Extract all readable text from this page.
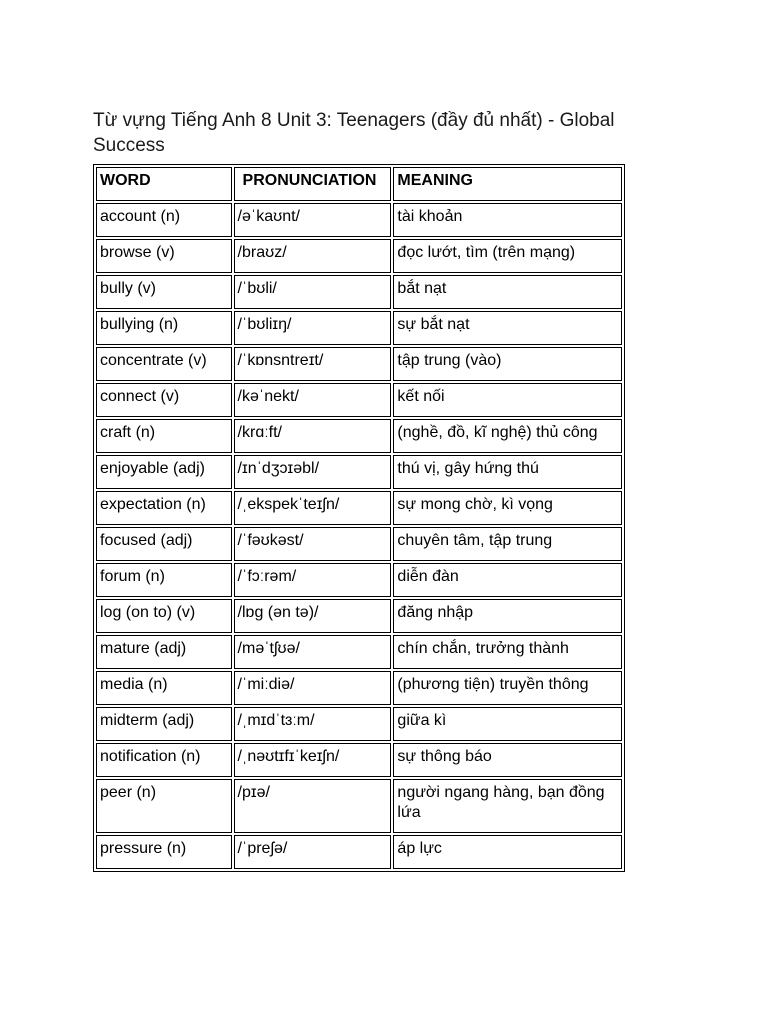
Từ vựng Tiếng Anh 8 Unit 3: Teenagers (đầy đủ nhất) - Global Success
WORD	PRONUNCIATION	MEANING
account (n)	/əˈkaʊnt/	tài khoản
browse (v)	/braʊz/	đọc lướt, tìm (trên mạng)
bully (v)	/ˈbʊli/	bắt nạt
bullying (n)	/ˈbʊliɪŋ/	sự bắt nạt
concentrate (v)	/ˈkɒnsntreɪt/	tập trung (vào)
connect (v)	/kəˈnekt/	kết nối
craft (n)	/krɑːft/	(nghề, đồ, kĩ nghệ) thủ công
enjoyable (adj)	/ɪnˈdʒɔɪəbl/	thú vị, gây hứng thú
expectation (n)	/ˌekspekˈteɪʃn/	sự mong chờ, kì vọng
focused (adj)	/ˈfəʊkəst/	chuyên tâm, tập trung
forum (n)	/ˈfɔːrəm/	diễn đàn
log (on to) (v)	/lɒg (ən tə)/	đăng nhập
mature (adj)	/məˈtʃʊə/	chín chắn, trưởng thành
media (n)	/ˈmiːdiə/	(phương tiện) truyền thông
midterm (adj)	/ˌmɪdˈtɜːm/	giữa kì
notification (n)	/ˌnəʊtɪfɪˈkeɪʃn/	sự thông báo
peer (n)	/pɪə/	người ngang hàng, bạn đồng lứa
pressure (n)	/ˈpreʃə/	áp lực
